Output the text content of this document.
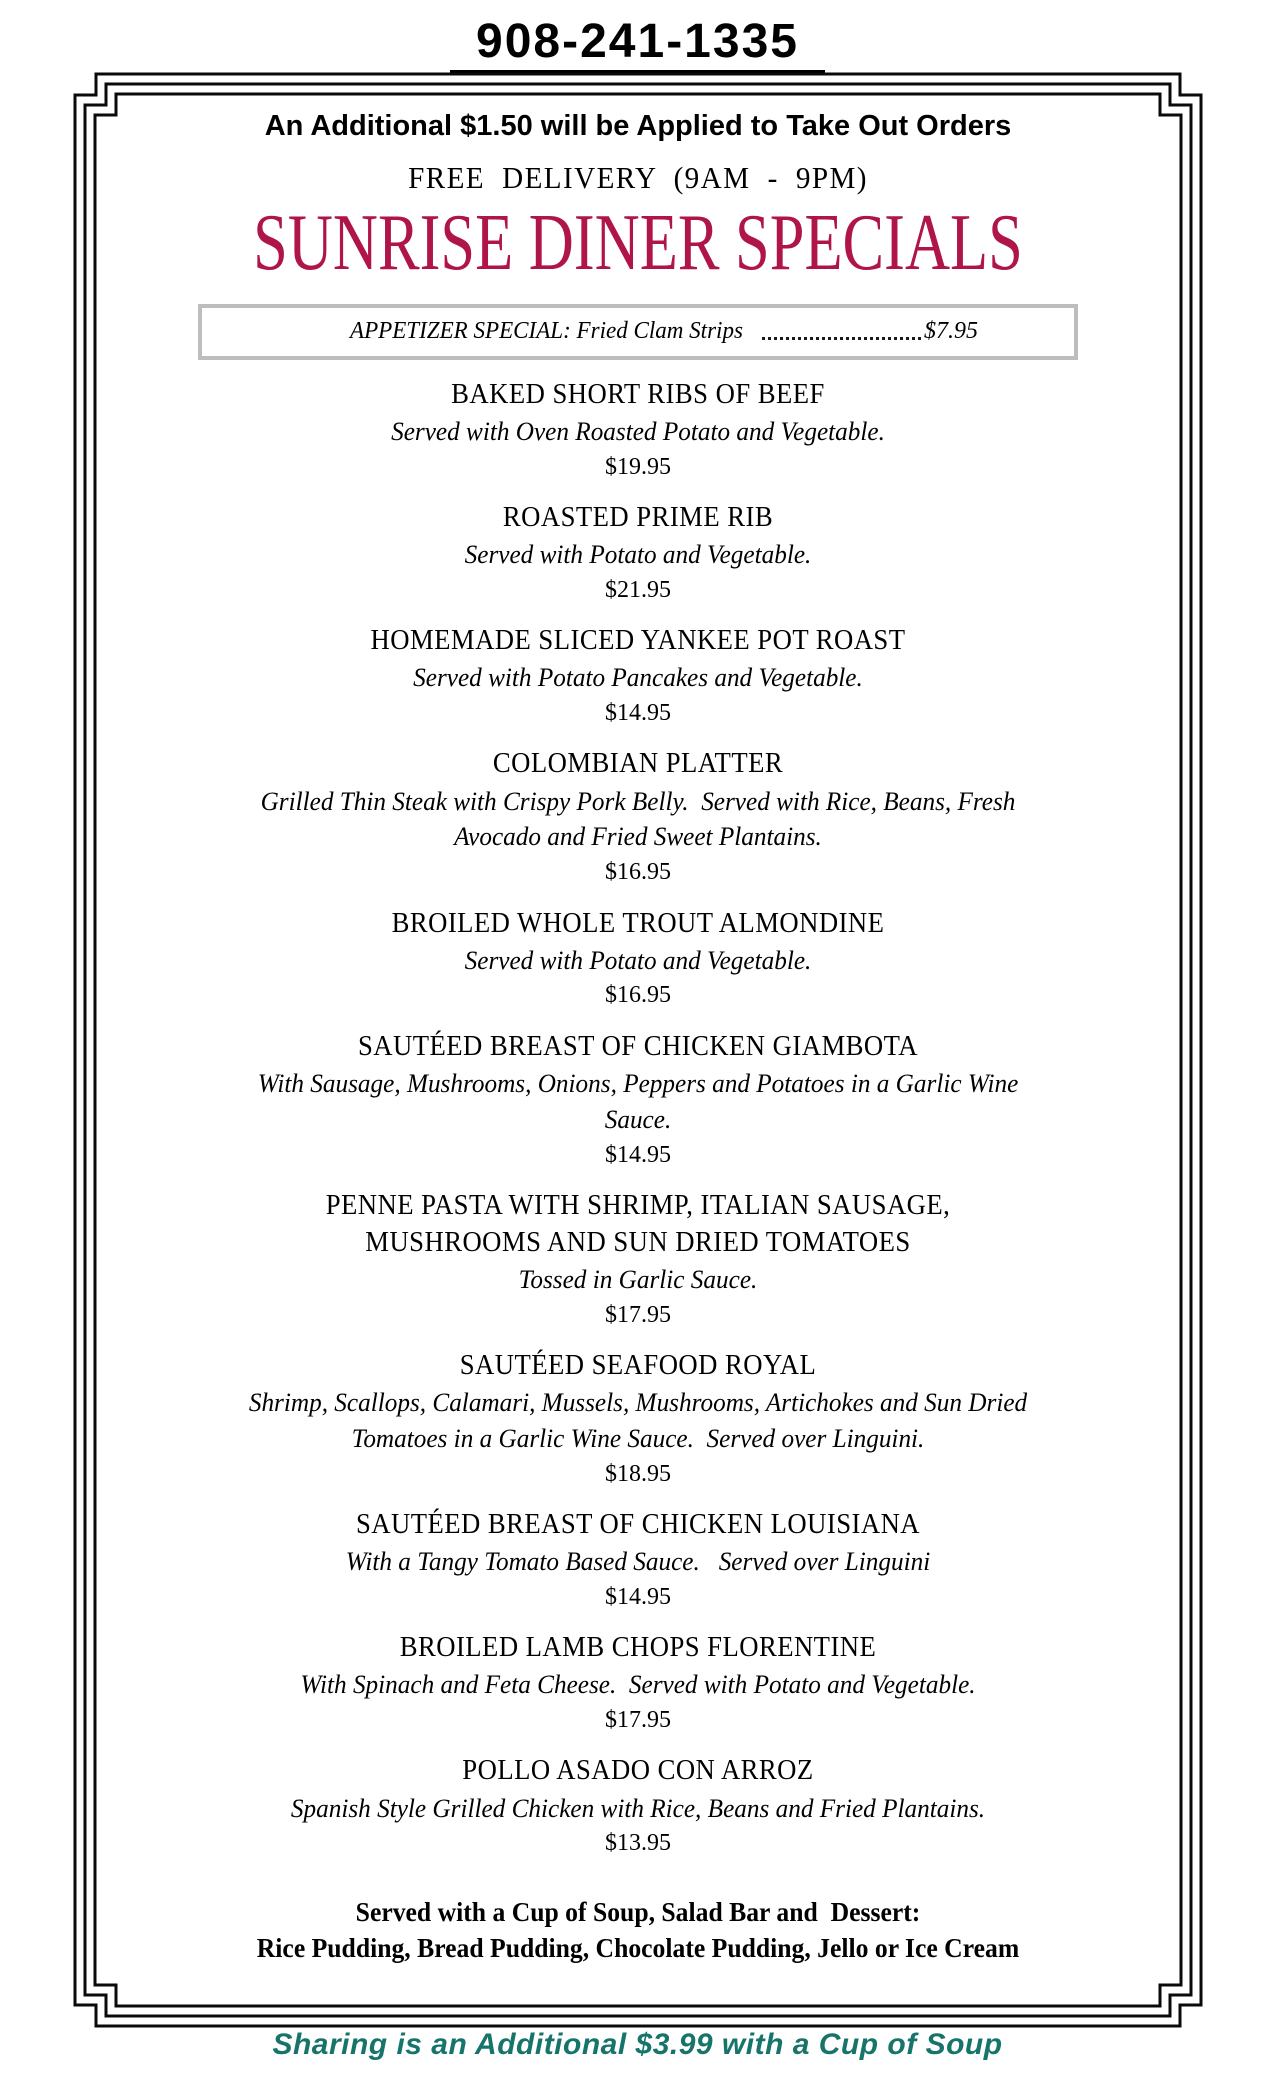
908-241-1335
An Additional $1.50 will be Applied to Take Out Orders
FREE DELIVERY (9AM - 9PM)
SUNRISE DINER SPECIALS
APPETIZER SPECIAL: Fried Clam Strips	$7.95
BAKED SHORT RIBS OF BEEF
Served with Oven Roasted Potato and Vegetable.
$19.95
ROASTED PRIME RIB
Served with Potato and Vegetable.
$21.95
HOMEMADE SLICED YANKEE POT ROAST
Served with Potato Pancakes and Vegetable.
$14.95
COLOMBIAN PLATTER
Grilled Thin Steak with Crispy Pork Belly.  Served with Rice, Beans, Fresh Avocado and Fried Sweet Plantains.
$16.95
BROILED WHOLE TROUT ALMONDINE
Served with Potato and Vegetable.
$16.95
SAUTÉED BREAST OF CHICKEN GIAMBOTA
With Sausage, Mushrooms, Onions, Peppers and Potatoes in a Garlic Wine Sauce.
$14.95
PENNE PASTA WITH SHRIMP, ITALIAN SAUSAGE, MUSHROOMS AND SUN DRIED TOMATOES
Tossed in Garlic Sauce.
$17.95
SAUTÉED SEAFOOD ROYAL
Shrimp, Scallops, Calamari, Mussels, Mushrooms, Artichokes and Sun Dried Tomatoes in a Garlic Wine Sauce.  Served over Linguini.
$18.95
SAUTÉED BREAST OF CHICKEN LOUISIANA
With a Tangy Tomato Based Sauce.   Served over Linguini
$14.95
BROILED LAMB CHOPS FLORENTINE
With Spinach and Feta Cheese.  Served with Potato and Vegetable.
$17.95
POLLO ASADO CON ARROZ
Spanish Style Grilled Chicken with Rice, Beans and Fried Plantains.
$13.95
Served with a Cup of Soup, Salad Bar and  Dessert:
Rice Pudding, Bread Pudding, Chocolate Pudding, Jello or Ice Cream
Sharing is an Additional $3.99 with a Cup of Soup
